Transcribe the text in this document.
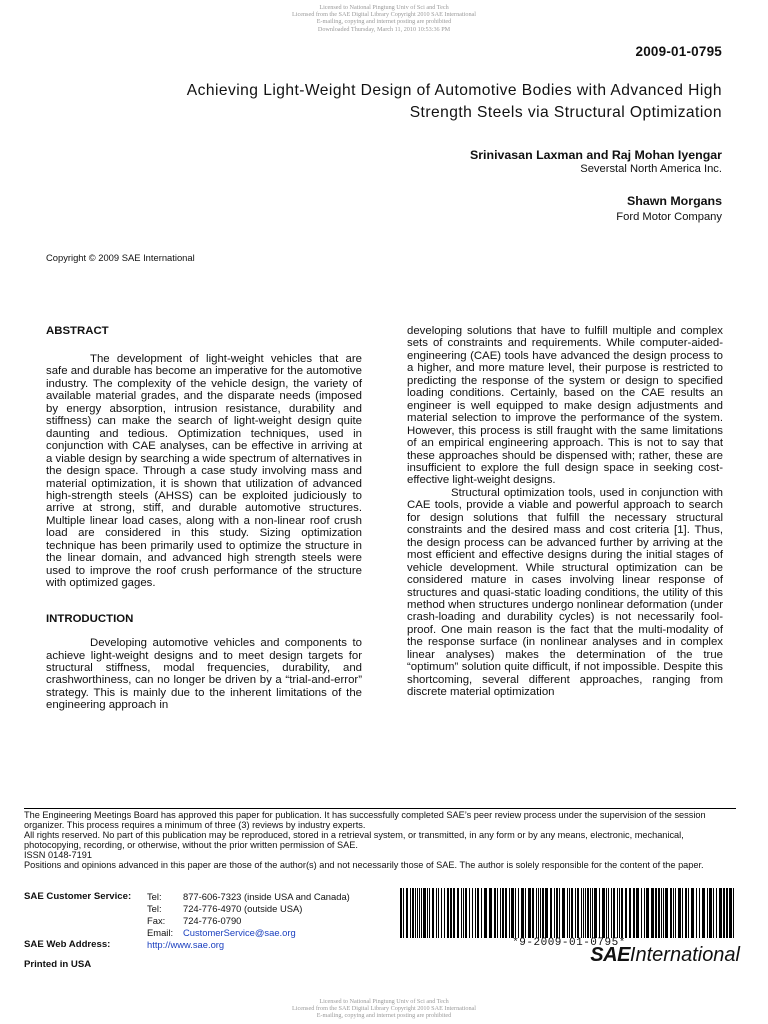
Licensed to National Pingtung Univ of Sci and Tech
Licensed from the SAE Digital Library Copyright 2010 SAE International
E-mailing, copying and internet posting are prohibited
Downloaded Thursday, March 11, 2010 10:53:36 PM
2009-01-0795
Achieving Light-Weight Design of Automotive Bodies with Advanced High
Strength Steels via Structural Optimization
Srinivasan Laxman and Raj Mohan Iyengar
Severstal North America Inc.
Shawn Morgans
Ford Motor Company
Copyright © 2009 SAE International
ABSTRACT

The development of light-weight vehicles that are safe and durable has become an imperative for the automotive industry. The complexity of the vehicle design, the variety of available material grades, and the disparate needs (imposed by energy absorption, intrusion resistance, durability and stiffness) can make the search of light-weight design quite daunting and tedious. Optimization techniques, used in conjunction with CAE analyses, can be effective in arriving at a viable design by searching a wide spectrum of alternatives in the design space. Through a case study involving mass and material optimization, it is shown that utilization of advanced high-strength steels (AHSS) can be exploited judiciously to arrive at strong, stiff, and durable automotive structures. Multiple linear load cases, along with a non-linear roof crush load are considered in this study. Sizing optimization technique has been primarily used to optimize the structure in the linear domain, and advanced high strength steels were used to improve the roof crush performance of the structure with optimized gages.

INTRODUCTION

Developing automotive vehicles and components to achieve light-weight designs and to meet design targets for structural stiffness, modal frequencies, durability, and crashworthiness, can no longer be driven by a “trial-and-error” strategy. This is mainly due to the inherent limitations of the engineering approach in

developing solutions that have to fulfill multiple and complex sets of constraints and requirements. While computer-aided-engineering (CAE) tools have advanced the design process to a higher, and more mature level, their purpose is restricted to predicting the response of the system or design to specified loading conditions. Certainly, based on the CAE results an engineer is well equipped to make design adjustments and material selection to improve the performance of the system. However, this process is still fraught with the same limitations of an empirical engineering approach. This is not to say that these approaches should be dispensed with; rather, these are insufficient to explore the full design space in seeking cost-effective light-weight designs.

Structural optimization tools, used in conjunction with CAE tools, provide a viable and powerful approach to search for design solutions that fulfill the necessary structural constraints and the desired mass and cost criteria [1]. Thus, the design process can be advanced further by arriving at the most efficient and effective designs during the initial stages of vehicle development. While structural optimization can be considered mature in cases involving linear response of structures and quasi-static loading conditions, the utility of this method when structures undergo nonlinear deformation (under crash-loading and durability cycles) is not necessarily fool-proof. One main reason is the fact that the multi-modality of the response surface (in nonlinear analyses and in complex linear analyses) makes the determination of the true “optimum” solution quite difficult, if not impossible. Despite this shortcoming, several different approaches, ranging from discrete material optimization

The Engineering Meetings Board has approved this paper for publication. It has successfully completed SAE’s peer review process under the supervision of the session organizer. This process requires a minimum of three (3) reviews by industry experts.
All rights reserved. No part of this publication may be reproduced, stored in a retrieval system, or transmitted, in any form or by any means, electronic, mechanical, photocopying, recording, or otherwise, without the prior written permission of SAE.
ISSN 0148-7191
Positions and opinions advanced in this paper are those of the author(s) and not necessarily those of SAE. The author is solely responsible for the content of the paper.
SAE Customer Service: Tel: 877-606-7323 (inside USA and Canada)
Tel: 724-776-4970 (outside USA)
Fax: 724-776-0790
Email: CustomerService@sae.org
SAE Web Address:	http://www.sae.org
Printed in USA
*9-2009-01-0795*
SAEInternational
Licensed to National Pingtung Univ of Sci and Tech
Licensed from the SAE Digital Library Copyright 2010 SAE International
E-mailing, copying and internet posting are prohibited
